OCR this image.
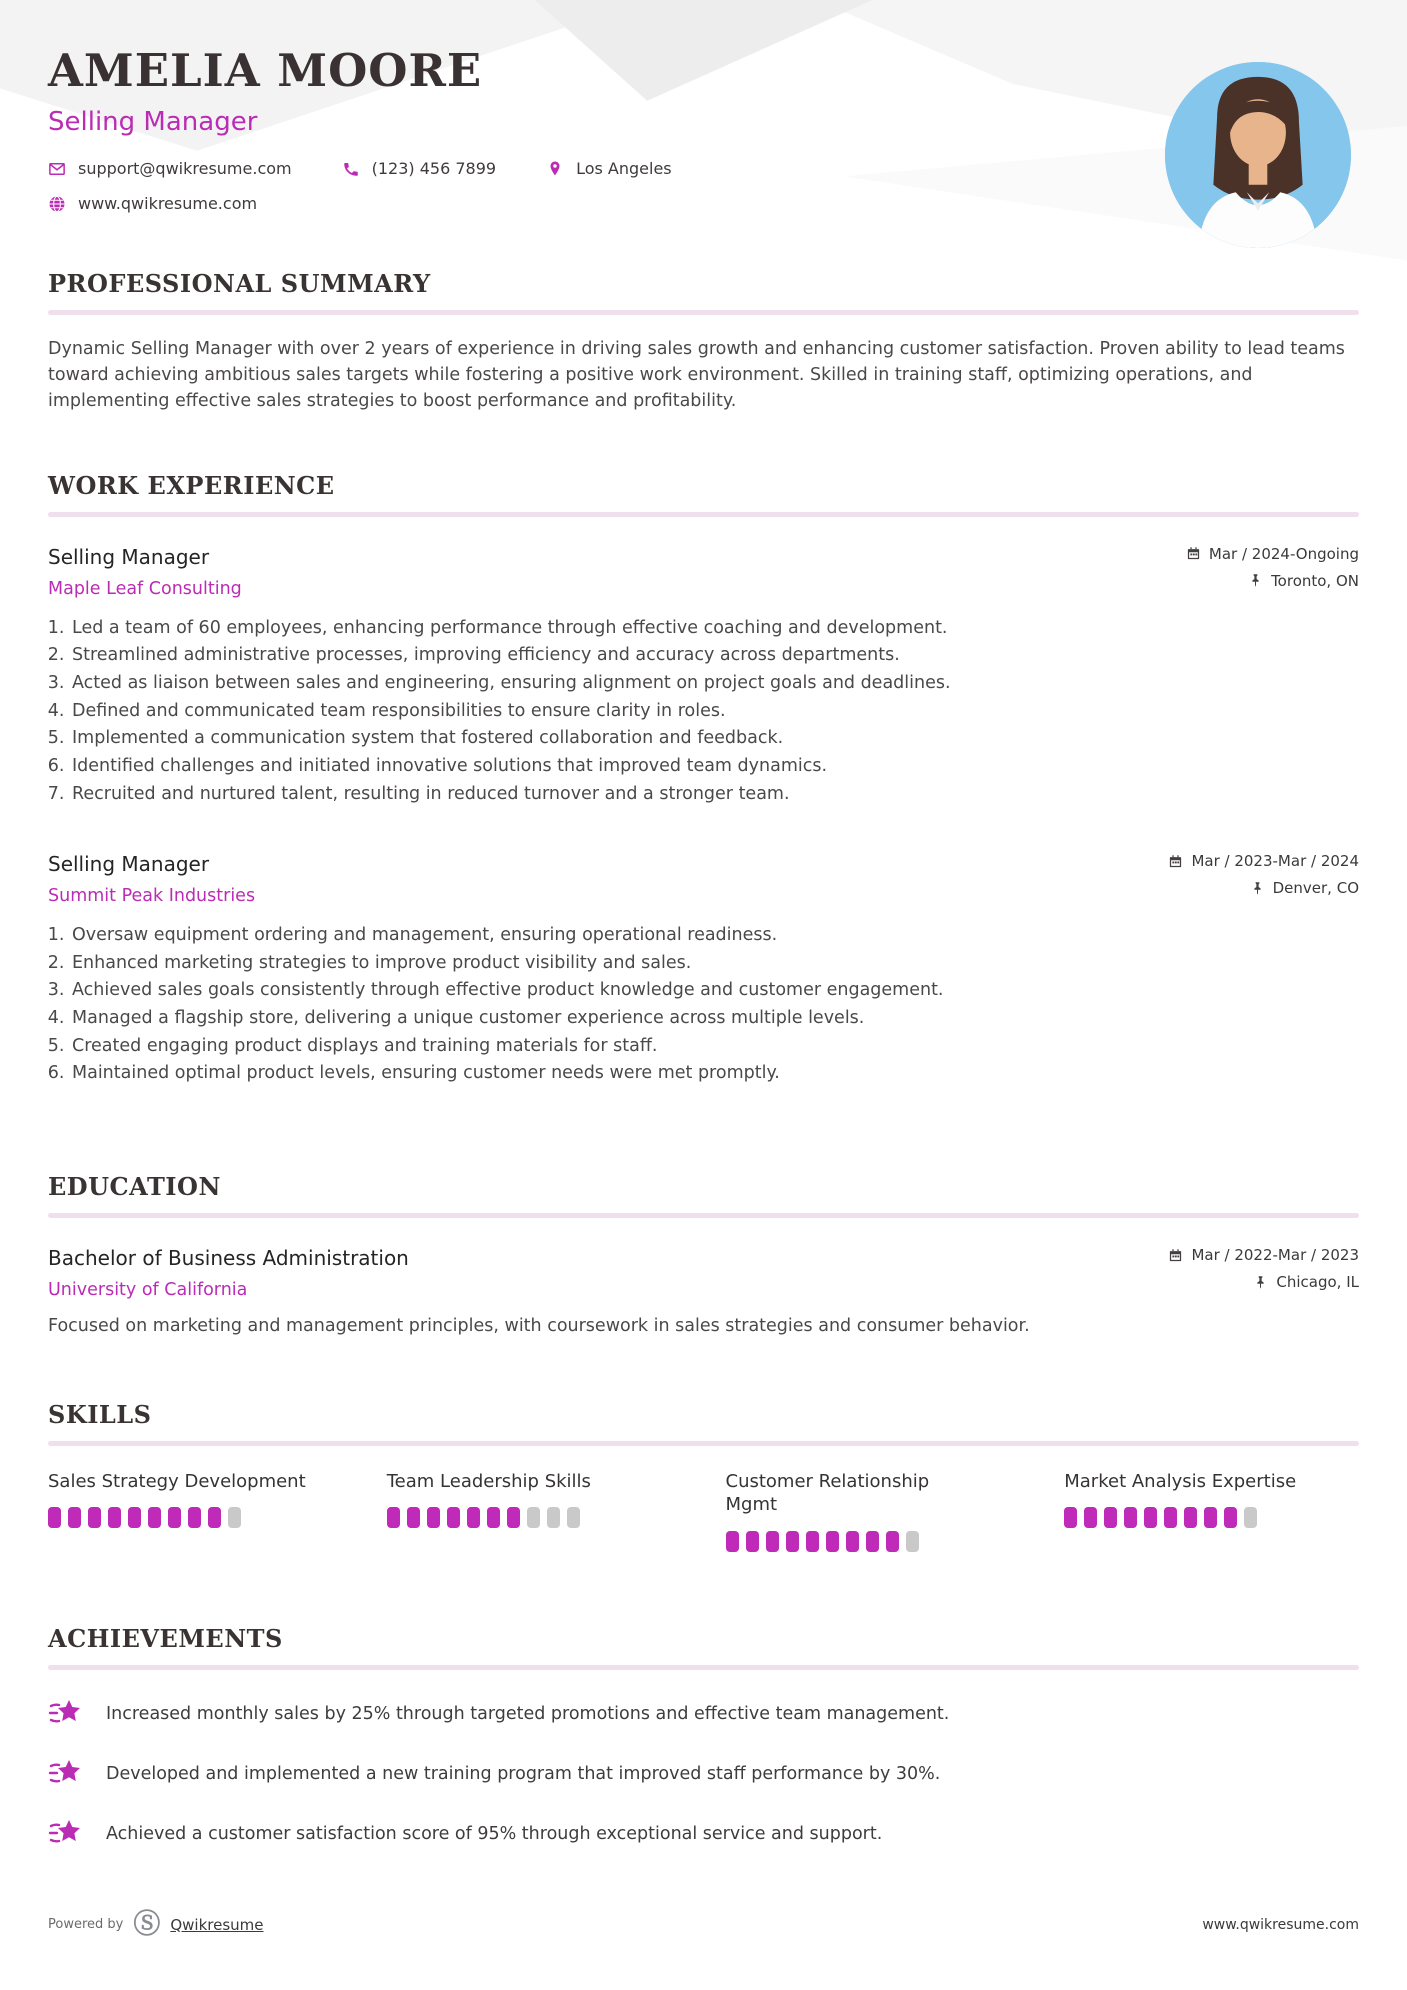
AMELIA MOORE
Selling Manager
support@qwikresume.com	(123) 456 7899	Los Angeles
www.qwikresume.com
PROFESSIONAL SUMMARY
Dynamic Selling Manager with over 2 years of experience in driving sales growth and enhancing customer satisfaction. Proven ability to lead teams toward achieving ambitious sales targets while fostering a positive work environment. Skilled in training staff, optimizing operations, and implementing effective sales strategies to boost performance and profitability.
WORK EXPERIENCE
Selling Manager
Maple Leaf Consulting
Mar / 2024-Ongoing
Toronto, ON
1. Led a team of 60 employees, enhancing performance through effective coaching and development.
2. Streamlined administrative processes, improving efficiency and accuracy across departments.
3. Acted as liaison between sales and engineering, ensuring alignment on project goals and deadlines.
4. Defined and communicated team responsibilities to ensure clarity in roles.
5. Implemented a communication system that fostered collaboration and feedback.
6. Identified challenges and initiated innovative solutions that improved team dynamics.
7. Recruited and nurtured talent, resulting in reduced turnover and a stronger team.
Selling Manager
Summit Peak Industries
Mar / 2023-Mar / 2024
Denver, CO
1. Oversaw equipment ordering and management, ensuring operational readiness.
2. Enhanced marketing strategies to improve product visibility and sales.
3. Achieved sales goals consistently through effective product knowledge and customer engagement.
4. Managed a flagship store, delivering a unique customer experience across multiple levels.
5. Created engaging product displays and training materials for staff.
6. Maintained optimal product levels, ensuring customer needs were met promptly.
EDUCATION
Bachelor of Business Administration
University of California
Mar / 2022-Mar / 2023
Chicago, IL
Focused on marketing and management principles, with coursework in sales strategies and consumer behavior.
SKILLS
Sales Strategy Development	Team Leadership Skills	Customer Relationship Mgmt
Market Analysis Expertise
ACHIEVEMENTS
Increased monthly sales by 25% through targeted promotions and effective team management.
Developed and implemented a new training program that improved staff performance by 30%.
Achieved a customer satisfaction score of 95% through exceptional service and support.
Powered by Ⓢ Qwikresume	www.qwikresume.com
